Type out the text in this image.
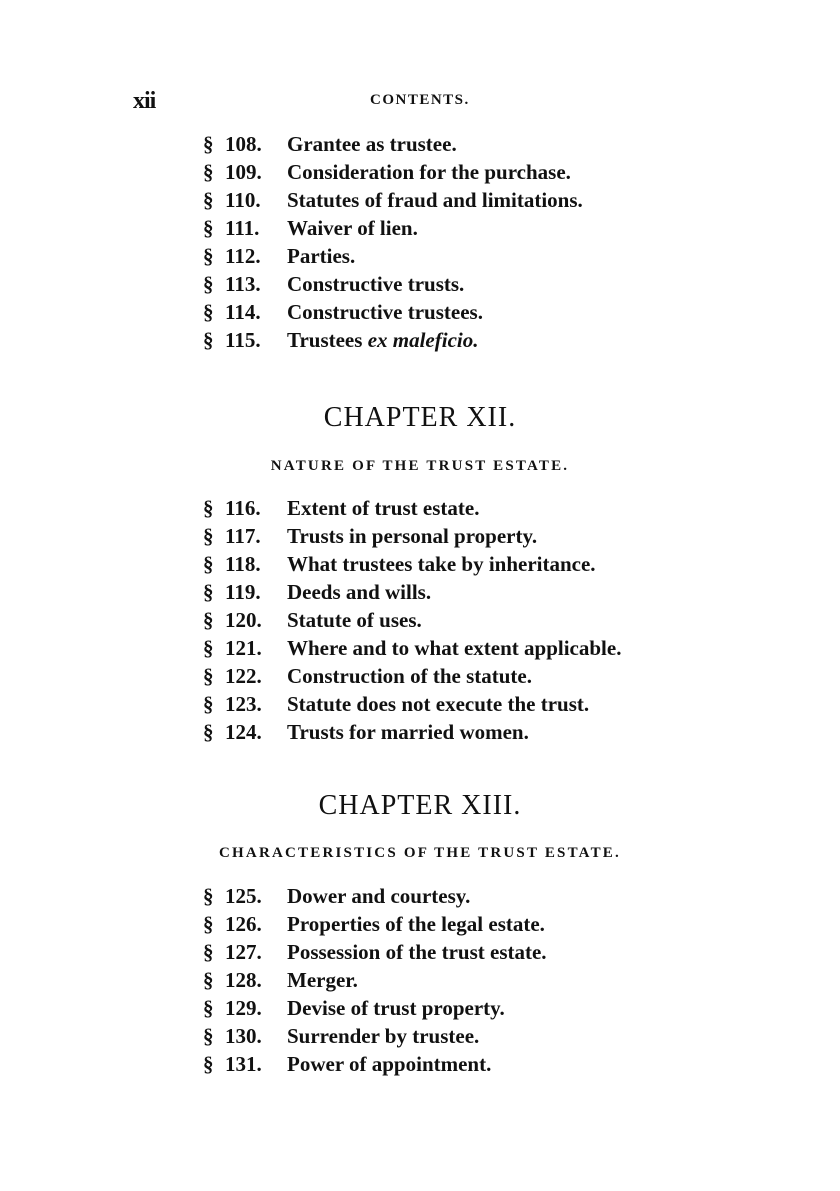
xii	CONTENTS.
§ 108. Grantee as trustee.
§ 109. Consideration for the purchase.
§ 110. Statutes of fraud and limitations.
§ 111. Waiver of lien.
§ 112. Parties.
§ 113. Constructive trusts.
§ 114. Constructive trustees.
§ 115. Trustees ex maleficio.
CHAPTER XII.
NATURE OF THE TRUST ESTATE.
§ 116. Extent of trust estate.
§ 117. Trusts in personal property.
§ 118. What trustees take by inheritance.
§ 119. Deeds and wills.
§ 120. Statute of uses.
§ 121. Where and to what extent applicable.
§ 122. Construction of the statute.
§ 123. Statute does not execute the trust.
§ 124. Trusts for married women.
CHAPTER XIII.
CHARACTERISTICS OF THE TRUST ESTATE.
§ 125. Dower and courtesy.
§ 126. Properties of the legal estate.
§ 127. Possession of the trust estate.
§ 128. Merger.
§ 129. Devise of trust property.
§ 130. Surrender by trustee.
§ 131. Power of appointment.
